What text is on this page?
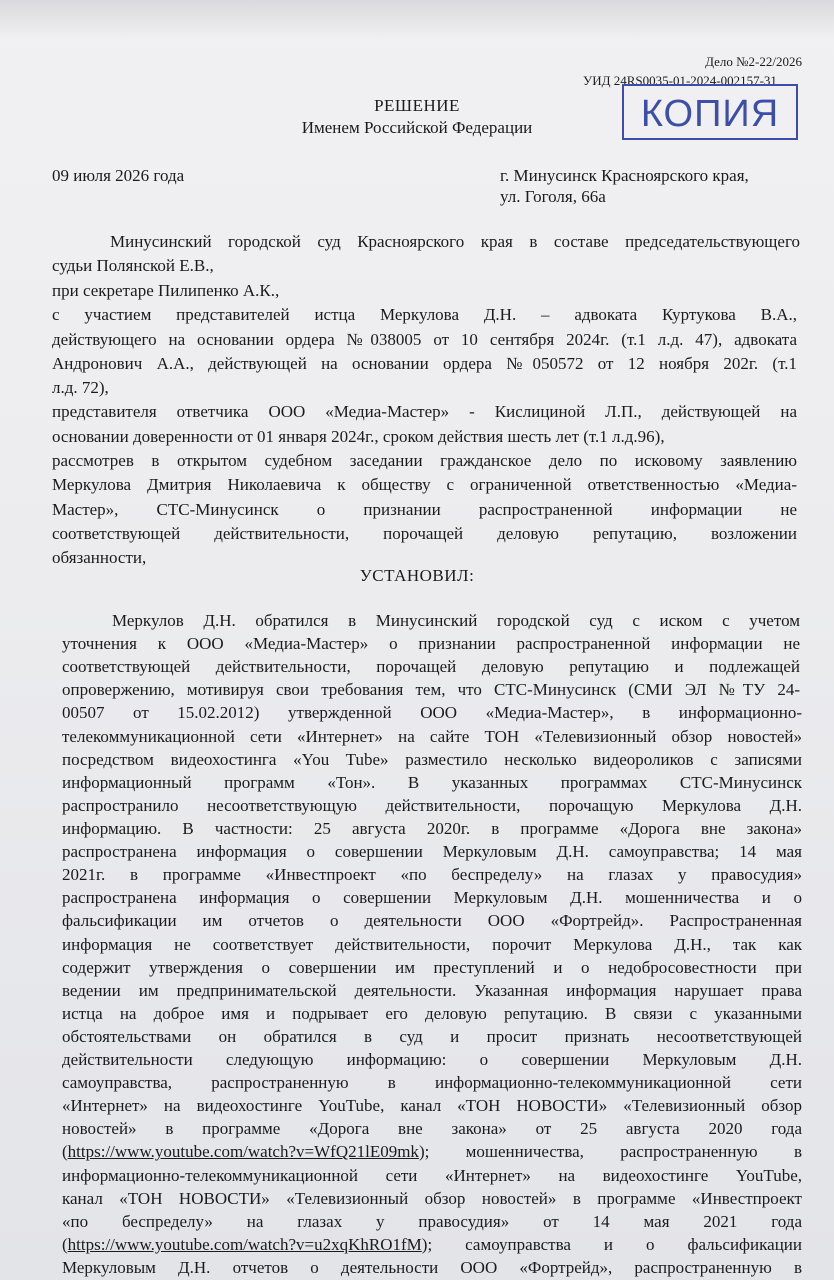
Дело №2-22/2026
УИД 24RS0035-01-2024-002157-31
КОПИЯ
РЕШЕНИЕ
Именем Российской Федерации
09 июля 2026 года	г. Минусинск Красноярского края,
ул. Гоголя, 66а
Минусинский городской суд Красноярского края в составе председательствующего
судьи Полянской Е.В.,
при секретаре Пилипенко А.К.,
с участием представителей истца Меркулова Д.Н. – адвоката Куртукова В.А.,
действующего на основании ордера №038005 от 10 сентября 2024г. (т.1 л.д. 47), адвоката
Андронович А.А., действующей на основании ордера №050572 от 12 ноября 202г. (т.1
л.д. 72),
представителя ответчика ООО «Медиа-Мастер» - Кислициной Л.П., действующей на
основании доверенности от 01 января 2024г., сроком действия шесть лет (т.1 л.д.96),
рассмотрев в открытом судебном заседании гражданское дело по исковому заявлению
Меркулова Дмитрия Николаевича к обществу с ограниченной ответственностью «Медиа-
Мастер», СТС-Минусинск о признании распространенной информации не
соответствующей действительности, порочащей деловую репутацию, возложении
обязанности,
УСТАНОВИЛ:
Меркулов Д.Н. обратился в Минусинский городской суд с иском с учетом
уточнения к ООО «Медиа-Мастер» о признании распространенной информации не
соответствующей действительности, порочащей деловую репутацию и подлежащей
опровержению, мотивируя свои требования тем, что СТС-Минусинск (СМИ ЭЛ №ТУ 24-
00507 от 15.02.2012) утвержденной ООО «Медиа-Мастер», в информационно-
телекоммуникационной сети «Интернет» на сайте ТОН «Телевизионный обзор новостей»
посредством видеохостинга «You Tube» разместило несколько видеороликов с записями
информационный программ «Тон». В указанных программах СТС-Минусинск
распространило несоответствующую действительности, порочащую Меркулова Д.Н.
информацию. В частности: 25 августа 2020г. в программе «Дорога вне закона»
распространена информация о совершении Меркуловым Д.Н. самоуправства; 14 мая
2021г. в программе «Инвестпроект «по беспределу» на глазах у правосудия»
распространена информация о совершении Меркуловым Д.Н. мошенничества и о
фальсификации им отчетов о деятельности ООО «Фортрейд». Распространенная
информация не соответствует действительности, порочит Меркулова Д.Н., так как
содержит утверждения о совершении им преступлений и о недобросовестности при
ведении им предпринимательской деятельности. Указанная информация нарушает права
истца на доброе имя и подрывает его деловую репутацию. В связи с указанными
обстоятельствами он обратился в суд и просит признать несоответствующей
действительности следующую информацию: о совершении Меркуловым Д.Н.
самоуправства, распространенную в информационно-телекоммуникационной сети
«Интернет» на видеохостинге YouTube, канал «ТОН НОВОСТИ» «Телевизионный обзор
новостей» в программе «Дорога вне закона» от 25 августа 2020 года
(https://www.youtube.com/watch?v=WfQ21lE09mk); мошенничества, распространенную в
информационно-телекоммуникационной сети «Интернет» на видеохостинге YouTube,
канал «ТОН НОВОСТИ» «Телевизионный обзор новостей» в программе «Инвестпроект
«по беспределу» на глазах у правосудия» от 14 мая 2021 года
(https://www.youtube.com/watch?v=u2xqKhRO1fM); самоуправства и о фальсификации
Меркуловым Д.Н. отчетов о деятельности ООО «Фортрейд», распространенную в
